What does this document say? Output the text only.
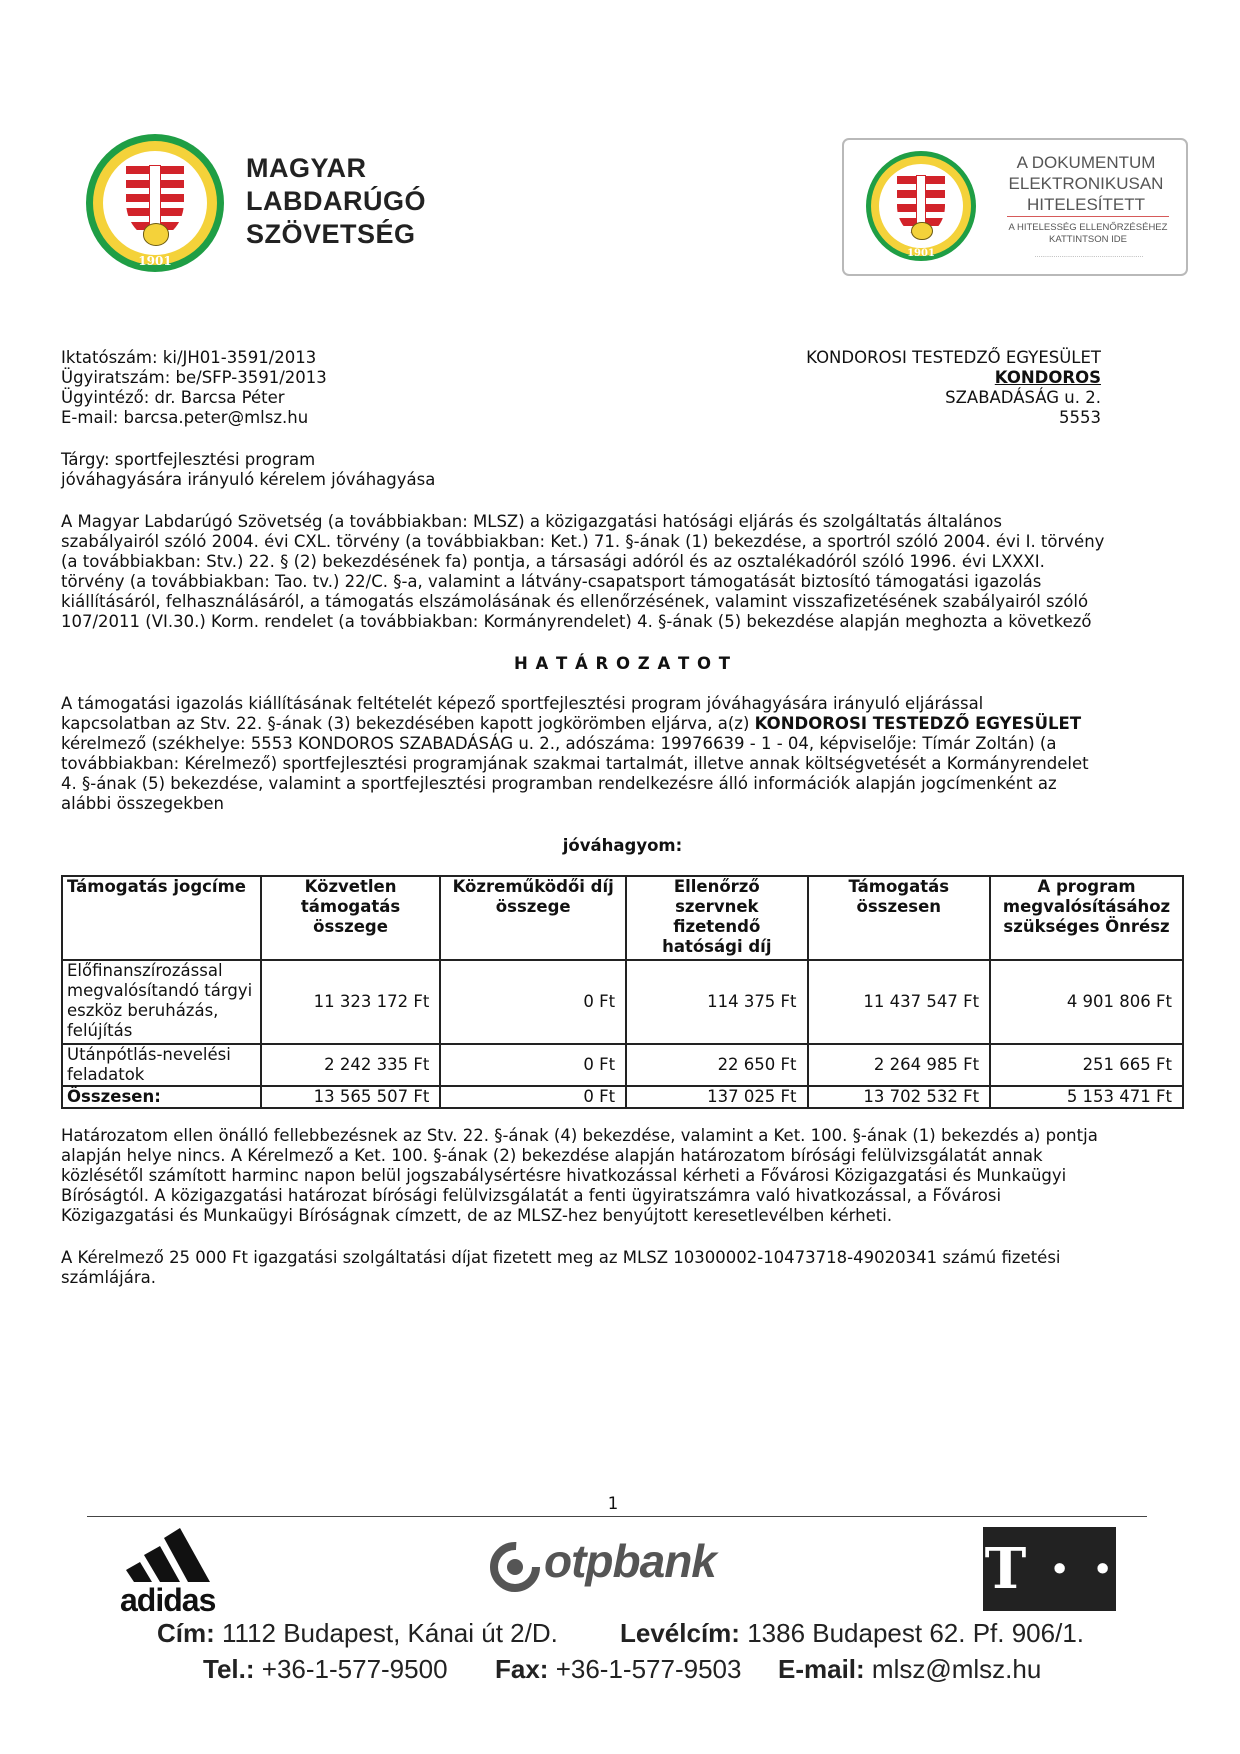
1901
MAGYAR
LABDARÚGÓ
SZÖVETSÉG
1901
A DOKUMENTUM
ELEKTRONIKUSAN
HITELESÍTETT
A HITELESSÉG ELLENŐRZÉSÉHEZ
KATTINTSON IDE
·························································
Iktatószám: ki/JH01-3591/2013
Ügyiratszám: be/SFP-3591/2013
Ügyintéző: dr. Barcsa Péter
E-mail: barcsa.peter@mlsz.hu
KONDOROSI TESTEDZŐ EGYESÜLET
KONDOROS
SZABADÁSÁG u. 2.
5553
Tárgy: sportfejlesztési program
jóváhagyására irányuló kérelem jóváhagyása
A Magyar Labdarúgó Szövetség (a továbbiakban: MLSZ) a közigazgatási hatósági eljárás és szolgáltatás általános
szabályairól szóló 2004. évi CXL. törvény (a továbbiakban: Ket.) 71. §-ának (1) bekezdése, a sportról szóló 2004. évi I. törvény
(a továbbiakban: Stv.) 22. § (2) bekezdésének fa) pontja, a társasági adóról és az osztalékadóról szóló 1996. évi LXXXI.
törvény (a továbbiakban: Tao. tv.) 22/C. §-a, valamint a látvány-csapatsport támogatását biztosító támogatási igazolás
kiállításáról, felhasználásáról, a támogatás elszámolásának és ellenőrzésének, valamint visszafizetésének szabályairól szóló
107/2011 (VI.30.) Korm. rendelet (a továbbiakban: Kormányrendelet) 4. §-ának (5) bekezdése alapján meghozta a következő
H A T Á R O Z A T O T
A támogatási igazolás kiállításának feltételét képező sportfejlesztési program jóváhagyására irányuló eljárással
kapcsolatban az Stv. 22. §-ának (3) bekezdésében kapott jogkörömben eljárva, a(z) KONDOROSI TESTEDZŐ EGYESÜLET
kérelmező (székhelye: 5553 KONDOROS SZABADÁSÁG u. 2., adószáma: 19976639 - 1 - 04, képviselője: Tímár Zoltán) (a
továbbiakban: Kérelmező) sportfejlesztési programjának szakmai tartalmát, illetve annak költségvetését a Kormányrendelet
4. §-ának (5) bekezdése, valamint a sportfejlesztési programban rendelkezésre álló információk alapján jogcímenként az
alábbi összegekben
jóváhagyom:
Támogatás jogcíme	Közvetlen támogatás összege	Közreműködői díj összege	Ellenőrző szervnek fizetendő hatósági díj	Támogatás összesen	A program megvalósításához szükséges Önrész
Előfinanszírozással megvalósítandó tárgyi eszköz beruházás, felújítás	11 323 172 Ft	0 Ft	114 375 Ft	11 437 547 Ft	4 901 806 Ft
Utánpótlás-nevelési feladatok	2 242 335 Ft	0 Ft	22 650 Ft	2 264 985 Ft	251 665 Ft
Összesen:	13 565 507 Ft	0 Ft	137 025 Ft	13 702 532 Ft	5 153 471 Ft
Határozatom ellen önálló fellebbezésnek az Stv. 22. §-ának (4) bekezdése, valamint a Ket. 100. §-ának (1) bekezdés a) pontja
alapján helye nincs. A Kérelmező a Ket. 100. §-ának (2) bekezdése alapján határozatom bírósági felülvizsgálatát annak
közlésétől számított harminc napon belül jogszabálysértésre hivatkozással kérheti a Fővárosi Közigazgatási és Munkaügyi
Bíróságtól. A közigazgatási határozat bírósági felülvizsgálatát a fenti ügyiratszámra való hivatkozással, a Fővárosi
Közigazgatási és Munkaügyi Bíróságnak címzett, de az MLSZ-hez benyújtott keresetlevélben kérheti.
A Kérelmező 25 000 Ft igazgatási szolgáltatási díjat fizetett meg az MLSZ 10300002-10473718-49020341 számú fizetési
számlájára.
1
adidas
otpbank	T · ·
Cím: 1112 Budapest, Kánai út 2/D. Levélcím: 1386 Budapest 62. Pf. 906/1.
Tel.: +36-1-577-9500 Fax: +36-1-577-9503 E-mail: mlsz@mlsz.hu
